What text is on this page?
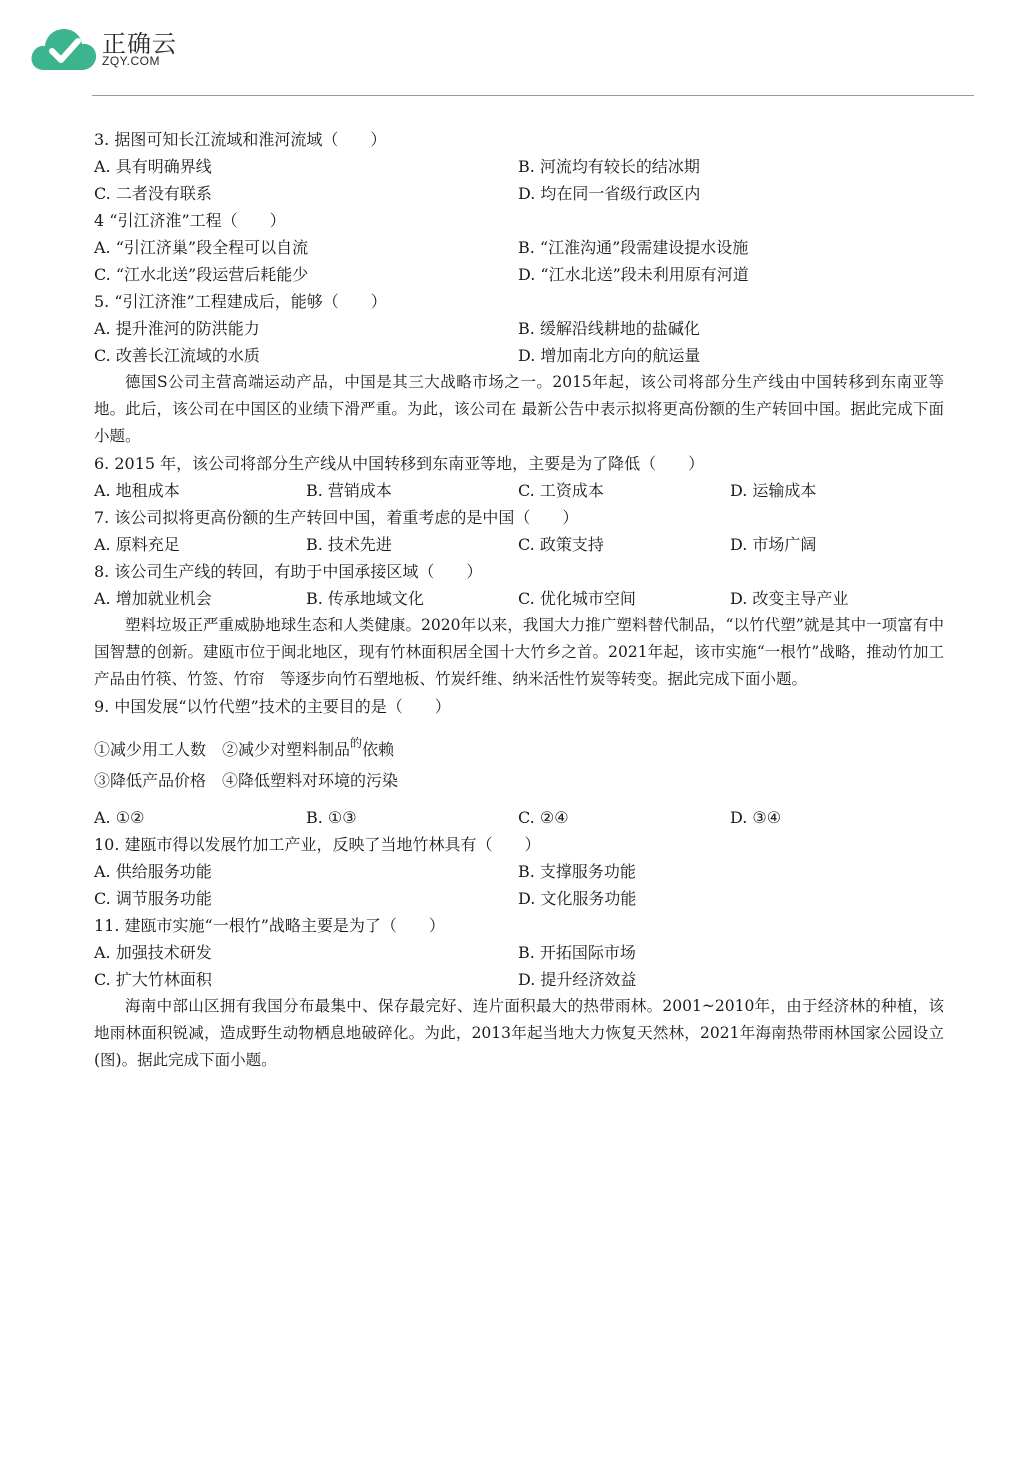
正确云
ZQY.COM
3. 据图可知长江流域和淮河流域（　　）
A. 具有明确界线	B. 河流均有较长的结冰期
C. 二者没有联系	D. 均在同一省级行政区内
4 “引江济淮”工程（　　）
A. “引江济巢”段全程可以自流	B. “江淮沟通”段需建设提水设施
C. “江水北送”段运营后耗能少	D. “江水北送”段未利用原有河道
5. “引江济淮”工程建成后，能够（　　）
A. 提升淮河的防洪能力	B. 缓解沿线耕地的盐碱化
C. 改善长江流域的水质	D. 增加南北方向的航运量

德国S公司主营高端运动产品，中国是其三大战略市场之一。2015年起，该公司将部分生产线由中国转移到东南亚等地。此后，该公司在中国区的业绩下滑严重。为此，该公司在 最新公告中表示拟将更高份额的生产转回中国。据此完成下面小题。

6. 2015 年，该公司将部分生产线从中国转移到东南亚等地，主要是为了降低（　　）
A. 地租成本	B. 营销成本	C. 工资成本	D. 运输成本
7. 该公司拟将更高份额的生产转回中国，着重考虑的是中国（　　）
A. 原料充足	B. 技术先进	C. 政策支持	D. 市场广阔
8. 该公司生产线的转回，有助于中国承接区域（　　）
A. 增加就业机会	B. 传承地域文化	C. 优化城市空间	D. 改变主导产业

塑料垃圾正严重威胁地球生态和人类健康。2020年以来，我国大力推广塑料替代制品，“以竹代塑”就是其中一项富有中国智慧的创新。建瓯市位于闽北地区，现有竹林面积居全国十大竹乡之首。2021年起，该市实施“一根竹”战略，推动竹加工产品由竹筷、竹签、竹帘　等逐步向竹石塑地板、竹炭纤维、纳米活性竹炭等转变。据此完成下面小题。

9. 中国发展“以竹代塑”技术的主要目的是（　　）
①减少用工人数　②减少对塑料制品$^的$依赖
③降低产品价格　④降低塑料对环境的污染
A. ①②	B. ①③	C. ②④	D. ③④
10. 建瓯市得以发展竹加工产业，反映了当地竹林具有（　　）
A. 供给服务功能	B. 支撑服务功能
C. 调节服务功能	D. 文化服务功能
11. 建瓯市实施“一根竹”战略主要是为了（　　）
A. 加强技术研发	B. 开拓国际市场
C. 扩大竹林面积	D. 提升经济效益

海南中部山区拥有我国分布最集中、保存最完好、连片面积最大的热带雨林。2001~2010年，由于经济林的种植，该地雨林面积锐减，造成野生动物栖息地破碎化。为此，2013年起当地大力恢复天然林，2021年海南热带雨林国家公园设立(图)。据此完成下面小题。
